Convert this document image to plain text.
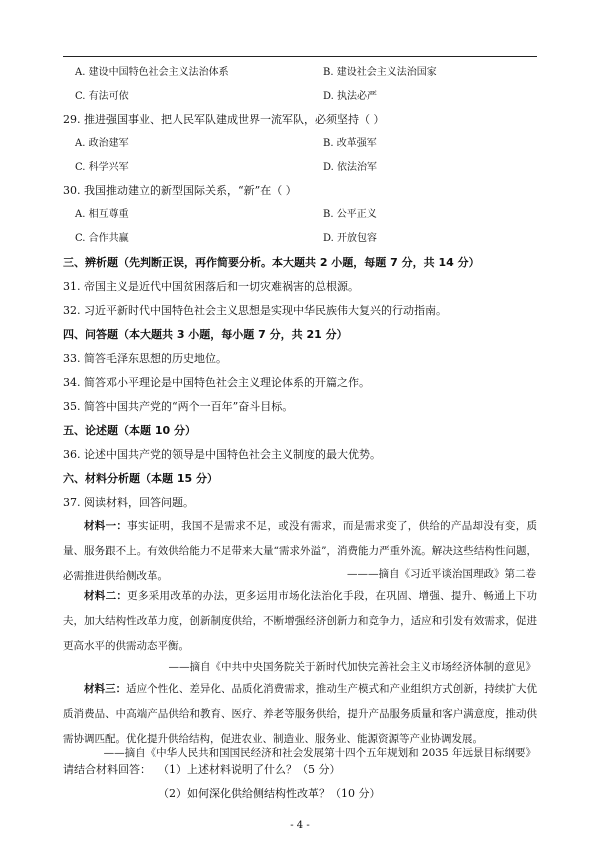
A. 建设中国特色社会主义法治体系	B. 建设社会主义法治国家
C. 有法可依	D. 执法必严
29. 推进强国事业、把人民军队建成世界一流军队，必须坚持（ ）
A. 政治建军	B. 改革强军
C. 科学兴军	D. 依法治军
30. 我国推动建立的新型国际关系，“新”在（ ）
A. 相互尊重	B. 公平正义
C. 合作共赢	D. 开放包容
三、辨析题（先判断正误，再作简要分析。本大题共 2 小题，每题 7 分，共 14 分）
31. 帝国主义是近代中国贫困落后和一切灾难祸害的总根源。
32. 习近平新时代中国特色社会主义思想是实现中华民族伟大复兴的行动指南。
四、问答题（本大题共 3 小题，每小题 7 分，共 21 分）
33. 简答毛泽东思想的历史地位。
34. 简答邓小平理论是中国特色社会主义理论体系的开篇之作。
35. 简答中国共产党的“两个一百年”奋斗目标。
五、论述题（本题 10 分）
36. 论述中国共产党的领导是中国特色社会主义制度的最大优势。
六、材料分析题（本题 15 分）
37. 阅读材料，回答问题。
材料一：事实证明，我国不是需求不足，或没有需求，而是需求变了，供给的产品却没有变，质量、服务跟不上。有效供给能力不足带来大量“需求外溢”，消费能力严重外流。解决这些结构性问题，必需推进供给侧改革。	———摘自《习近平谈治国理政》第二卷
材料二：更多采用改革的办法，更多运用市场化法治化手段，在巩固、增强、提升、畅通上下功夫，加大结构性改革力度，创新制度供给，不断增强经济创新力和竞争力，适应和引发有效需求，促进更高水平的供需动态平衡。
——摘自《中共中央国务院关于新时代加快完善社会主义市场经济体制的意见》
材料三：适应个性化、差异化、品质化消费需求，推动生产模式和产业组织方式创新，持续扩大优质消费品、中高端产品供给和教育、医疗、养老等服务供给，提升产品服务质量和客户满意度，推动供需协调匹配。优化提升供给结构，促进农业、制造业、服务业、能源资源等产业协调发展。
——摘自《中华人民共和国国民经济和社会发展第十四个五年规划和 2035 年远景目标纲要》
请结合材料回答： （1）上述材料说明了什么？（5 分）
（2）如何深化供给侧结构性改革？（10 分）
- 4 -
